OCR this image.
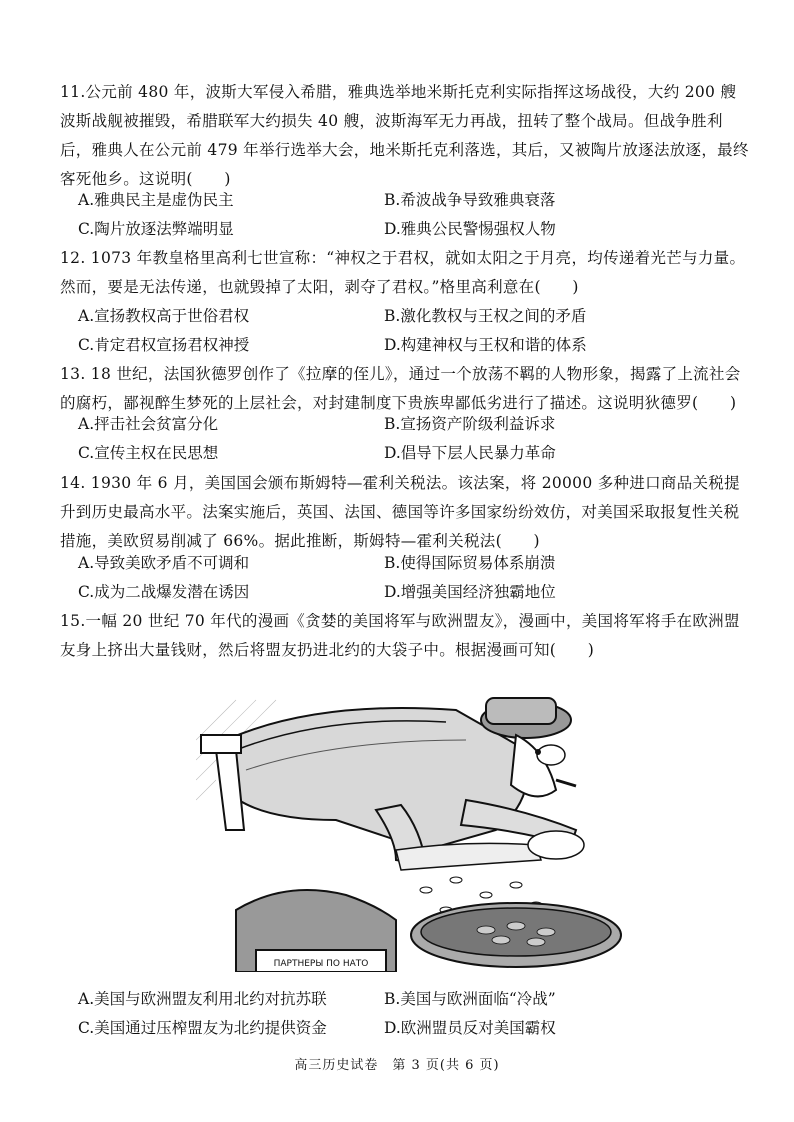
11.公元前 480 年，波斯大军侵入希腊，雅典选举地米斯托克利实际指挥这场战役，大约 200 艘波斯战舰被摧毁，希腊联军大约损失 40 艘，波斯海军无力再战，扭转了整个战局。但战争胜利后，雅典人在公元前 479 年举行选举大会，地米斯托克利落选，其后，又被陶片放逐法放逐，最终客死他乡。这说明(　　)
A.雅典民主是虚伪民主	B.希波战争导致雅典衰落
C.陶片放逐法弊端明显	D.雅典公民警惕强权人物
12. 1073 年教皇格里高利七世宣称：“神权之于君权，就如太阳之于月亮，均传递着光芒与力量。然而，要是无法传递，也就毁掉了太阳，剥夺了君权。”格里高利意在(　　)
A.宣扬教权高于世俗君权	B.激化教权与王权之间的矛盾
C.肯定君权宣扬君权神授	D.构建神权与王权和谐的体系
13. 18 世纪，法国狄德罗创作了《拉摩的侄儿》，通过一个放荡不羁的人物形象，揭露了上流社会的腐朽，鄙视醉生梦死的上层社会，对封建制度下贵族卑鄙低劣进行了描述。这说明狄德罗(　　)
A.抨击社会贫富分化	B.宣扬资产阶级利益诉求
C.宣传主权在民思想	D.倡导下层人民暴力革命
14. 1930 年 6 月，美国国会颁布斯姆特—霍利关税法。该法案，将 20000 多种进口商品关税提升到历史最高水平。法案实施后，英国、法国、德国等许多国家纷纷效仿，对美国采取报复性关税措施，美欧贸易削减了 66%。据此推断，斯姆特—霍利关税法(　　)
A.导致美欧矛盾不可调和	B.使得国际贸易体系崩溃
C.成为二战爆发潜在诱因	D.增强美国经济独霸地位
15.一幅 20 世纪 70 年代的漫画《贪婪的美国将军与欧洲盟友》，漫画中，美国将军将手在欧洲盟友身上挤出大量钱财，然后将盟友扔进北约的大袋子中。根据漫画可知(　　)
ПАРТНЕРЫ ПО НАТО
A.美国与欧洲盟友利用北约对抗苏联	B.美国与欧洲面临“冷战”
C.美国通过压榨盟友为北约提供资金	D.欧洲盟员反对美国霸权
高三历史试卷　第 3 页(共 6 页)
